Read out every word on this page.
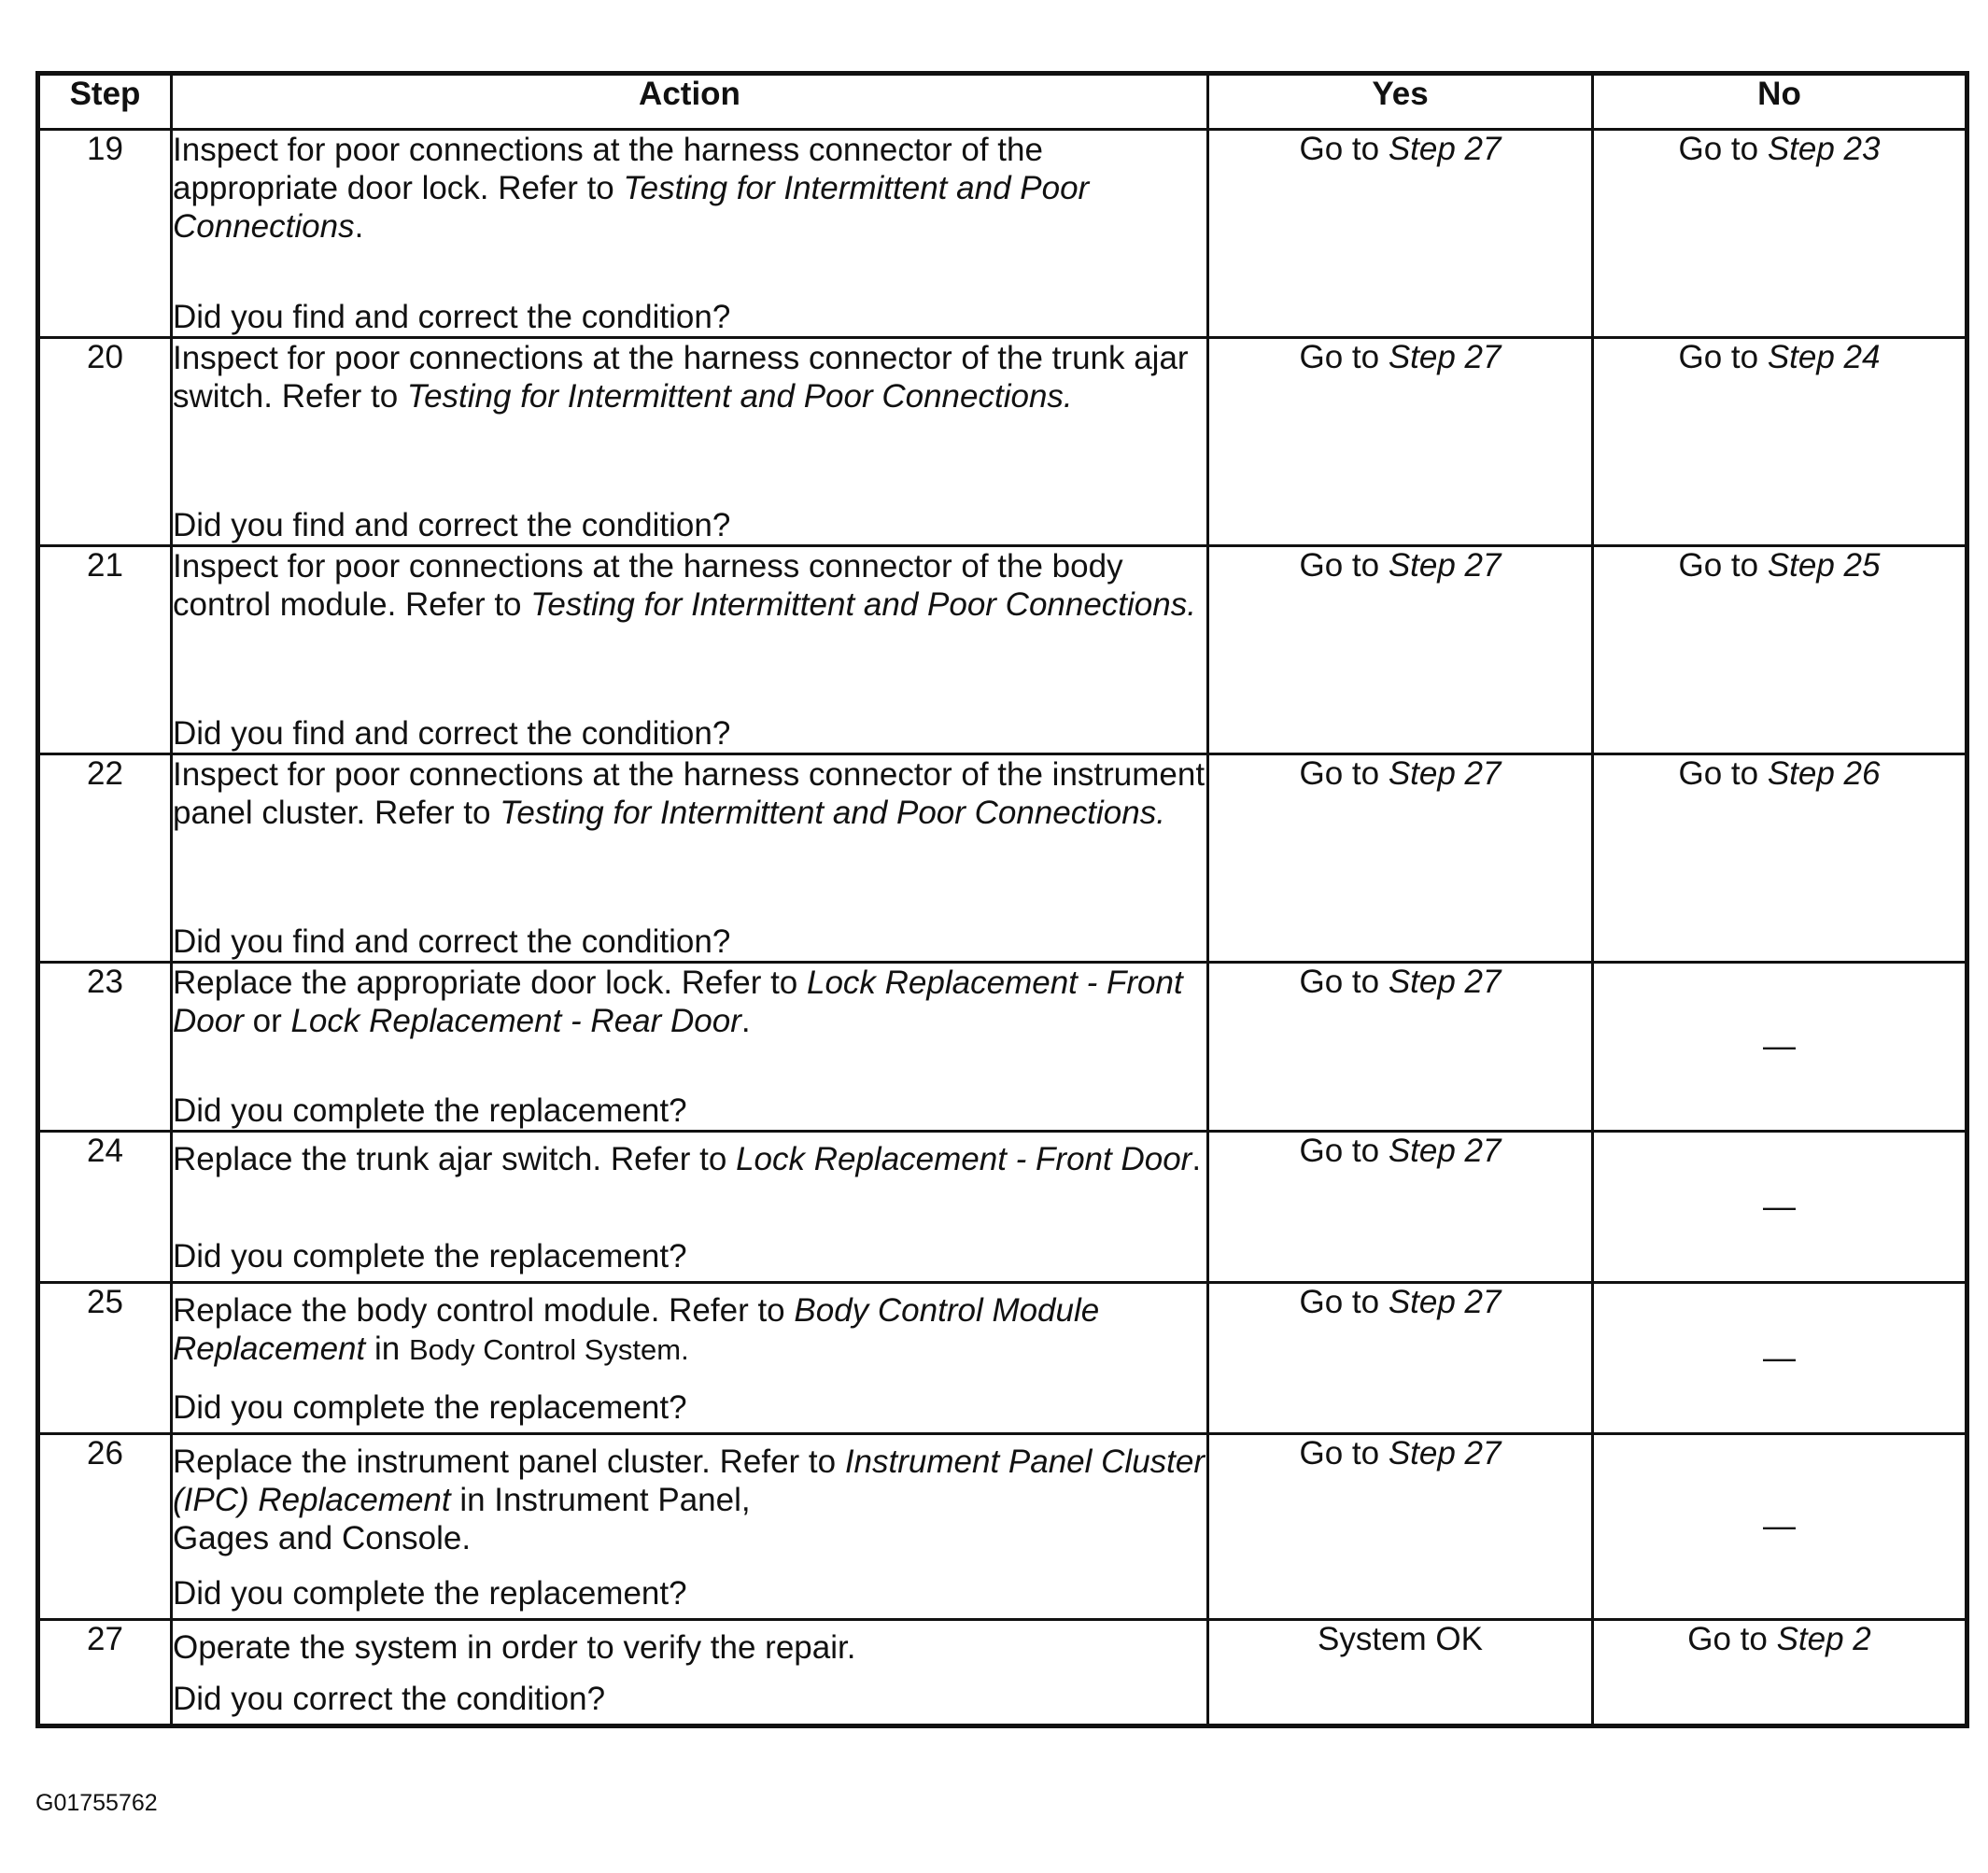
Step	Action	Yes	No
19	Inspect for poor connections at the harness connector of the appropriate door lock. Refer to Testing for Intermittent and Poor Connections.
Did you find and correct the condition?	Go to Step 27	Go to Step 23
20	Inspect for poor connections at the harness connector of the trunk ajar switch. Refer to Testing for Intermittent and Poor Connections.
Did you find and correct the condition?	Go to Step 27	Go to Step 24
21	Inspect for poor connections at the harness connector of the body control module. Refer to Testing for Intermittent and Poor Connections.
Did you find and correct the condition?	Go to Step 27	Go to Step 25
22	Inspect for poor connections at the harness connector of the instrument panel cluster. Refer to Testing for Intermittent and Poor Connections.
Did you find and correct the condition?	Go to Step 27	Go to Step 26
23	Replace the appropriate door lock. Refer to Lock Replacement - Front Door or Lock Replacement - Rear Door.
Did you complete the replacement?	Go to Step 27	—
24	Replace the trunk ajar switch. Refer to Lock Replacement - Front Door.
Did you complete the replacement?	Go to Step 27	—
25	Replace the body control module. Refer to Body Control Module Replacement in Body Control System.
Did you complete the replacement?	Go to Step 27	—
26	Replace the instrument panel cluster. Refer to Instrument Panel Cluster (IPC) Replacement in Instrument Panel,
Gages and Console.
Did you complete the replacement?	Go to Step 27	—
27	Operate the system in order to verify the repair.
Did you correct the condition?	System OK	Go to Step 2
G01755762
